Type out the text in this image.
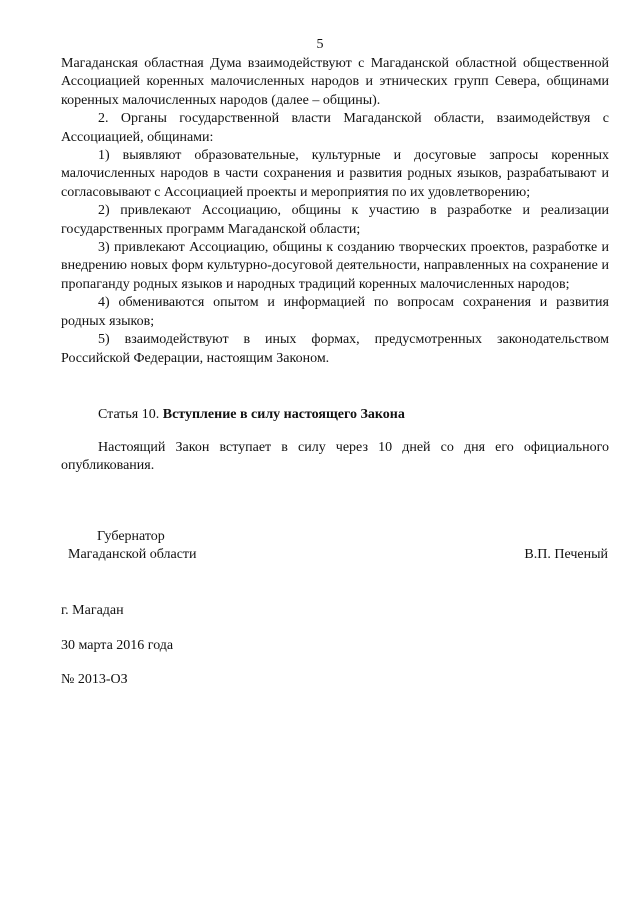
5

Магаданская областная Дума взаимодействуют с Магаданской областной общественной Ассоциацией коренных малочисленных народов и этнических групп Севера, общинами коренных малочисленных народов (далее – общины).

2. Органы государственной власти Магаданской области, взаимодействуя с Ассоциацией, общинами:

1) выявляют образовательные, культурные и досуговые запросы коренных малочисленных народов в части сохранения и развития родных языков, разрабатывают и согласовывают с Ассоциацией проекты и мероприятия по их удовлетворению;

2) привлекают Ассоциацию, общины к участию в разработке и реализации государственных программ Магаданской области;

3) привлекают Ассоциацию, общины к созданию творческих проектов, разработке и внедрению новых форм культурно-досуговой деятельности, направленных на сохранение и пропаганду родных языков и народных традиций коренных малочисленных народов;

4) обмениваются опытом и информацией по вопросам сохранения и развития родных языков;

5) взаимодействуют в иных формах, предусмотренных законодательством Российской Федерации, настоящим Законом.

Статья 10. Вступление в силу настоящего Закона

Настоящий Закон вступает в силу через 10 дней со дня его официального опубликования.

Губернатор
Магаданской области	В.П. Печеный
г. Магадан
30 марта 2016 года
№ 2013-ОЗ
